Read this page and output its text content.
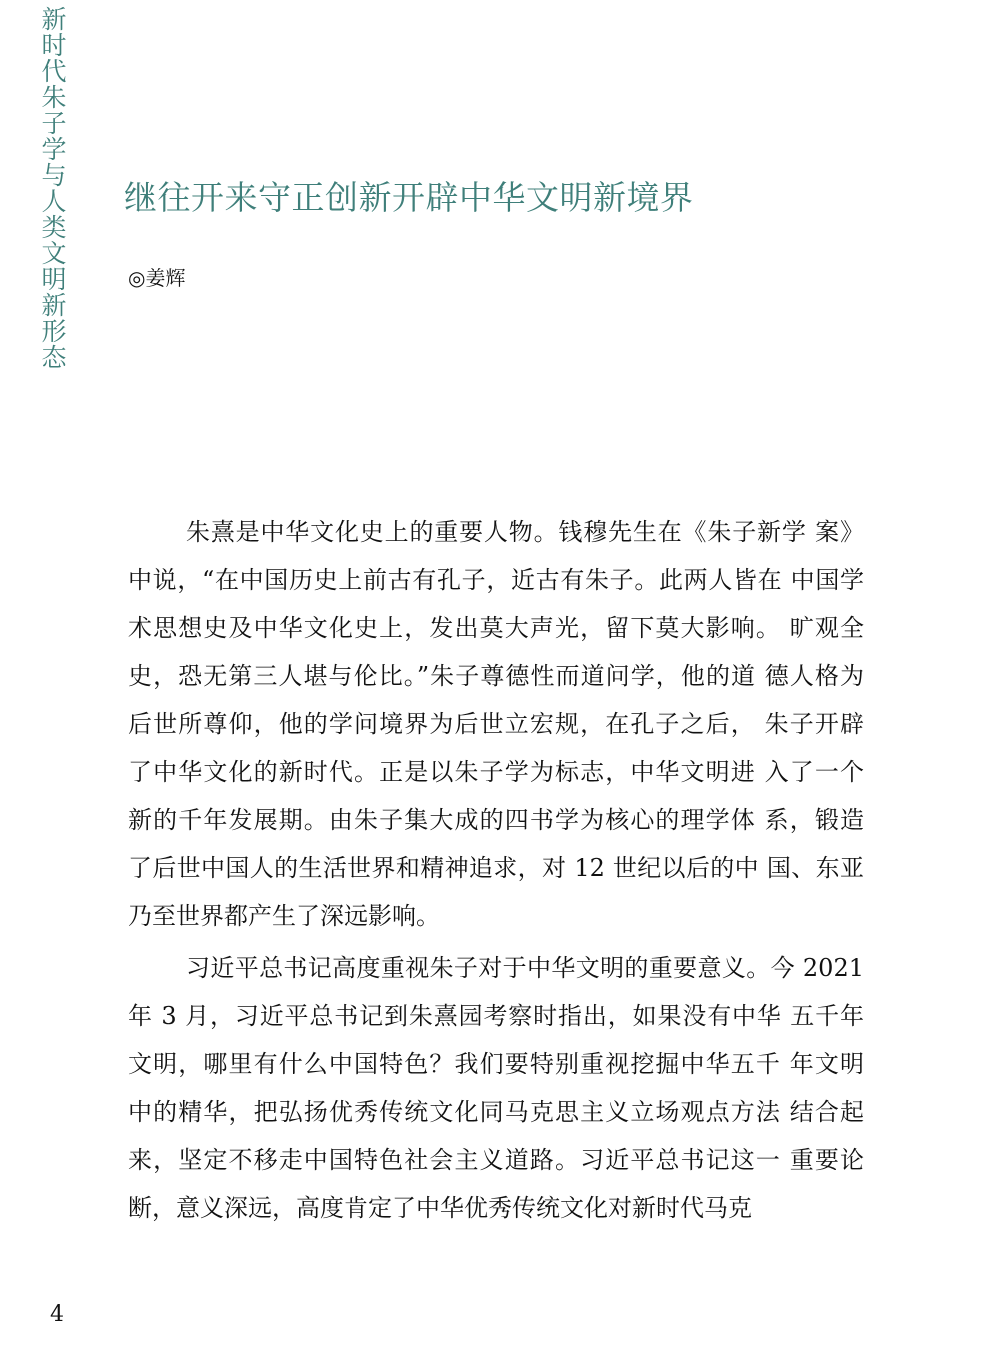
新时代朱子学与人类文明新形态 继往开来守正创新开辟中华文明新境界
◎姜辉
朱熹是中华文化史上的重要人物。钱穆先生在《朱子新学 案》
中说，“在中国历史上前古有孔子，近古有朱子。此两人皆在 中国学
术思想史及中华文化史上，发出莫大声光，留下莫大影响。 旷观全
史，恐无第三人堪与伦比。”朱子尊德性而道问学，他的道 德人格为
后世所尊仰，他的学问境界为后世立宏规，在孔子之后， 朱子开辟
了中华文化的新时代。正是以朱子学为标志，中华文明进 入了一个
新的千年发展期。由朱子集大成的四书学为核心的理学体 系，锻造
了后世中国人的生活世界和精神追求，对 12 世纪以后的中 国、东亚
乃至世界都产生了深远影响。
习近平总书记高度重视朱子对于中华文明的重要意义。今 2021
年 3 月，习近平总书记到朱熹园考察时指出，如果没有中华 五千年
文明，哪里有什么中国特色？我们要特别重视挖掘中华五千 年文明
中的精华，把弘扬优秀传统文化同马克思主义立场观点方法 结合起
来，坚定不移走中国特色社会主义道路。习近平总书记这一 重要论
断，意义深远，高度肯定了中华优秀传统文化对新时代马克
4
